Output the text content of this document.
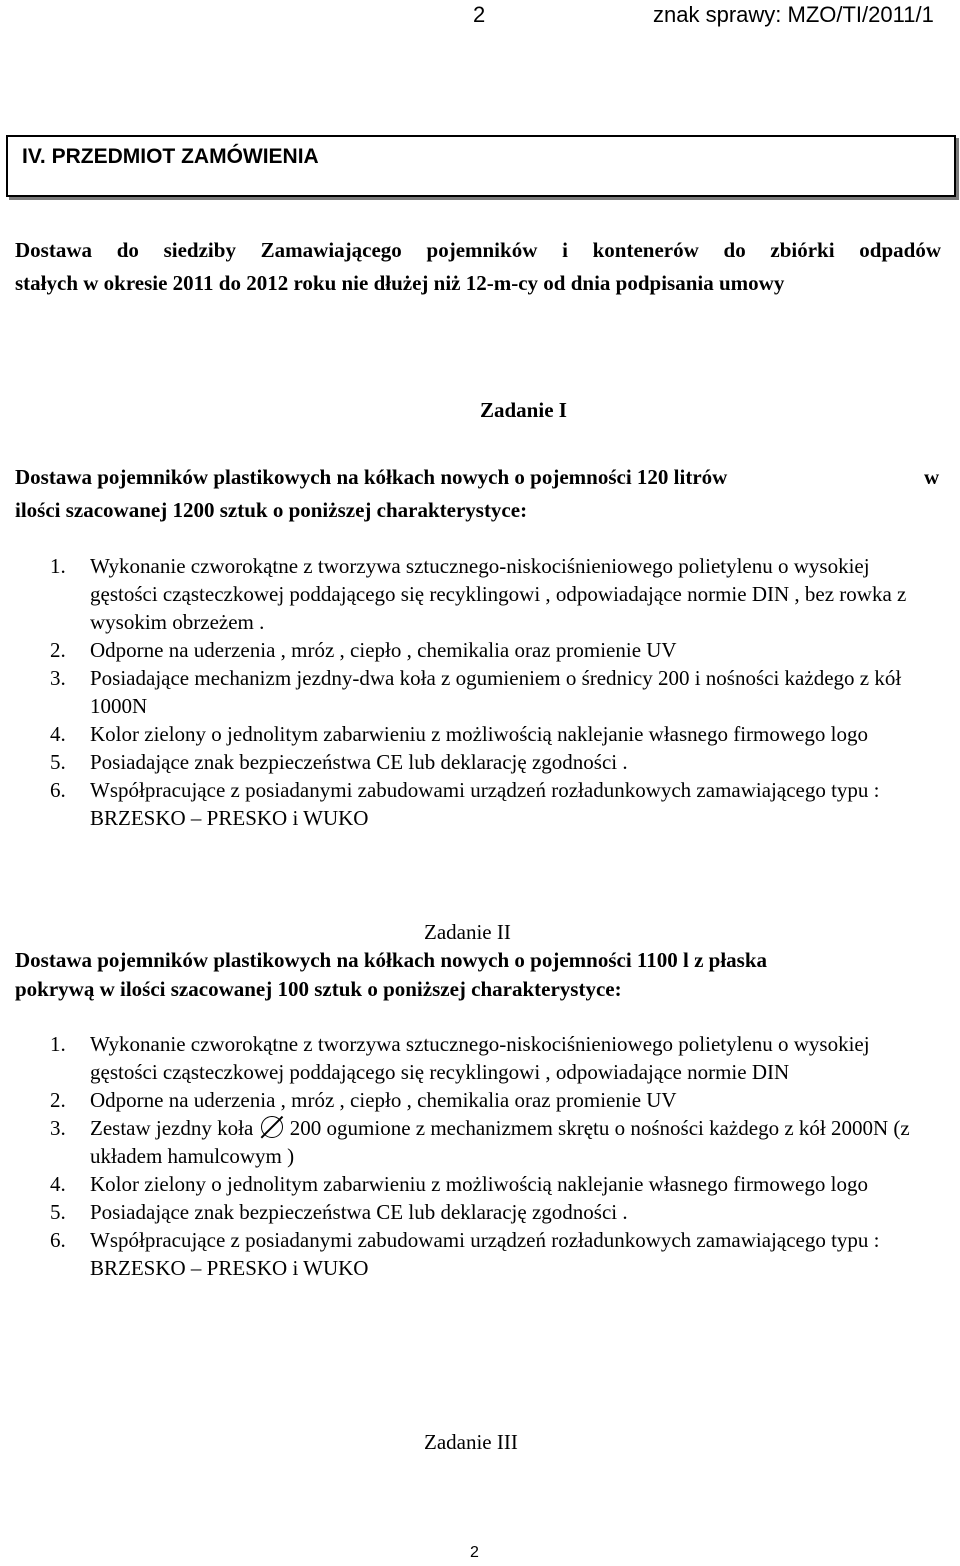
2	znak sprawy: MZO/TI/2011/1
IV. PRZEDMIOT ZAMÓWIENIA
Dostawa do siedziby Zamawiającego pojemników i kontenerów do zbiórki odpadów
stałych w okresie 2011 do 2012 roku nie dłużej niż 12-m-cy od dnia podpisania umowy
Zadanie I
Dostawa pojemników plastikowych na kółkach nowych o pojemności 120 litrów	w
ilości szacowanej 1200 sztuk o poniższej charakterystyce:
1. Wykonanie czworokątne z tworzywa sztucznego-niskociśnieniowego polietylenu o wysokiej gęstości cząsteczkowej poddającego się recyklingowi , odpowiadające normie DIN , bez rowka z wysokim obrzeżem .
2. Odporne na uderzenia , mróz , ciepło , chemikalia oraz promienie UV
3. Posiadające mechanizm jezdny-dwa koła z ogumieniem o średnicy 200 i nośności każdego z kół 1000N
4. Kolor zielony o jednolitym zabarwieniu z możliwością naklejanie własnego firmowego logo
5. Posiadające znak bezpieczeństwa CE lub deklarację zgodności .
6. Współpracujące z posiadanymi zabudowami urządzeń rozładunkowych zamawiającego typu : BRZESKO – PRESKO i WUKO
Zadanie II
Dostawa pojemników plastikowych na kółkach nowych o pojemności 1100 l z płaska
pokrywą w ilości szacowanej 100 sztuk o poniższej charakterystyce:
1. Wykonanie czworokątne z tworzywa sztucznego-niskociśnieniowego polietylenu o wysokiej gęstości cząsteczkowej poddającego się recyklingowi , odpowiadające normie DIN
2. Odporne na uderzenia , mróz , ciepło , chemikalia oraz promienie UV
3. Zestaw jezdny koła  200 ogumione z mechanizmem skrętu o nośności każdego z kół 2000N (z układem hamulcowym )
4. Kolor zielony o jednolitym zabarwieniu z możliwością naklejanie własnego firmowego logo
5. Posiadające znak bezpieczeństwa CE lub deklarację zgodności .
6. Współpracujące z posiadanymi zabudowami urządzeń rozładunkowych zamawiającego typu : BRZESKO – PRESKO i WUKO
Zadanie III
2
